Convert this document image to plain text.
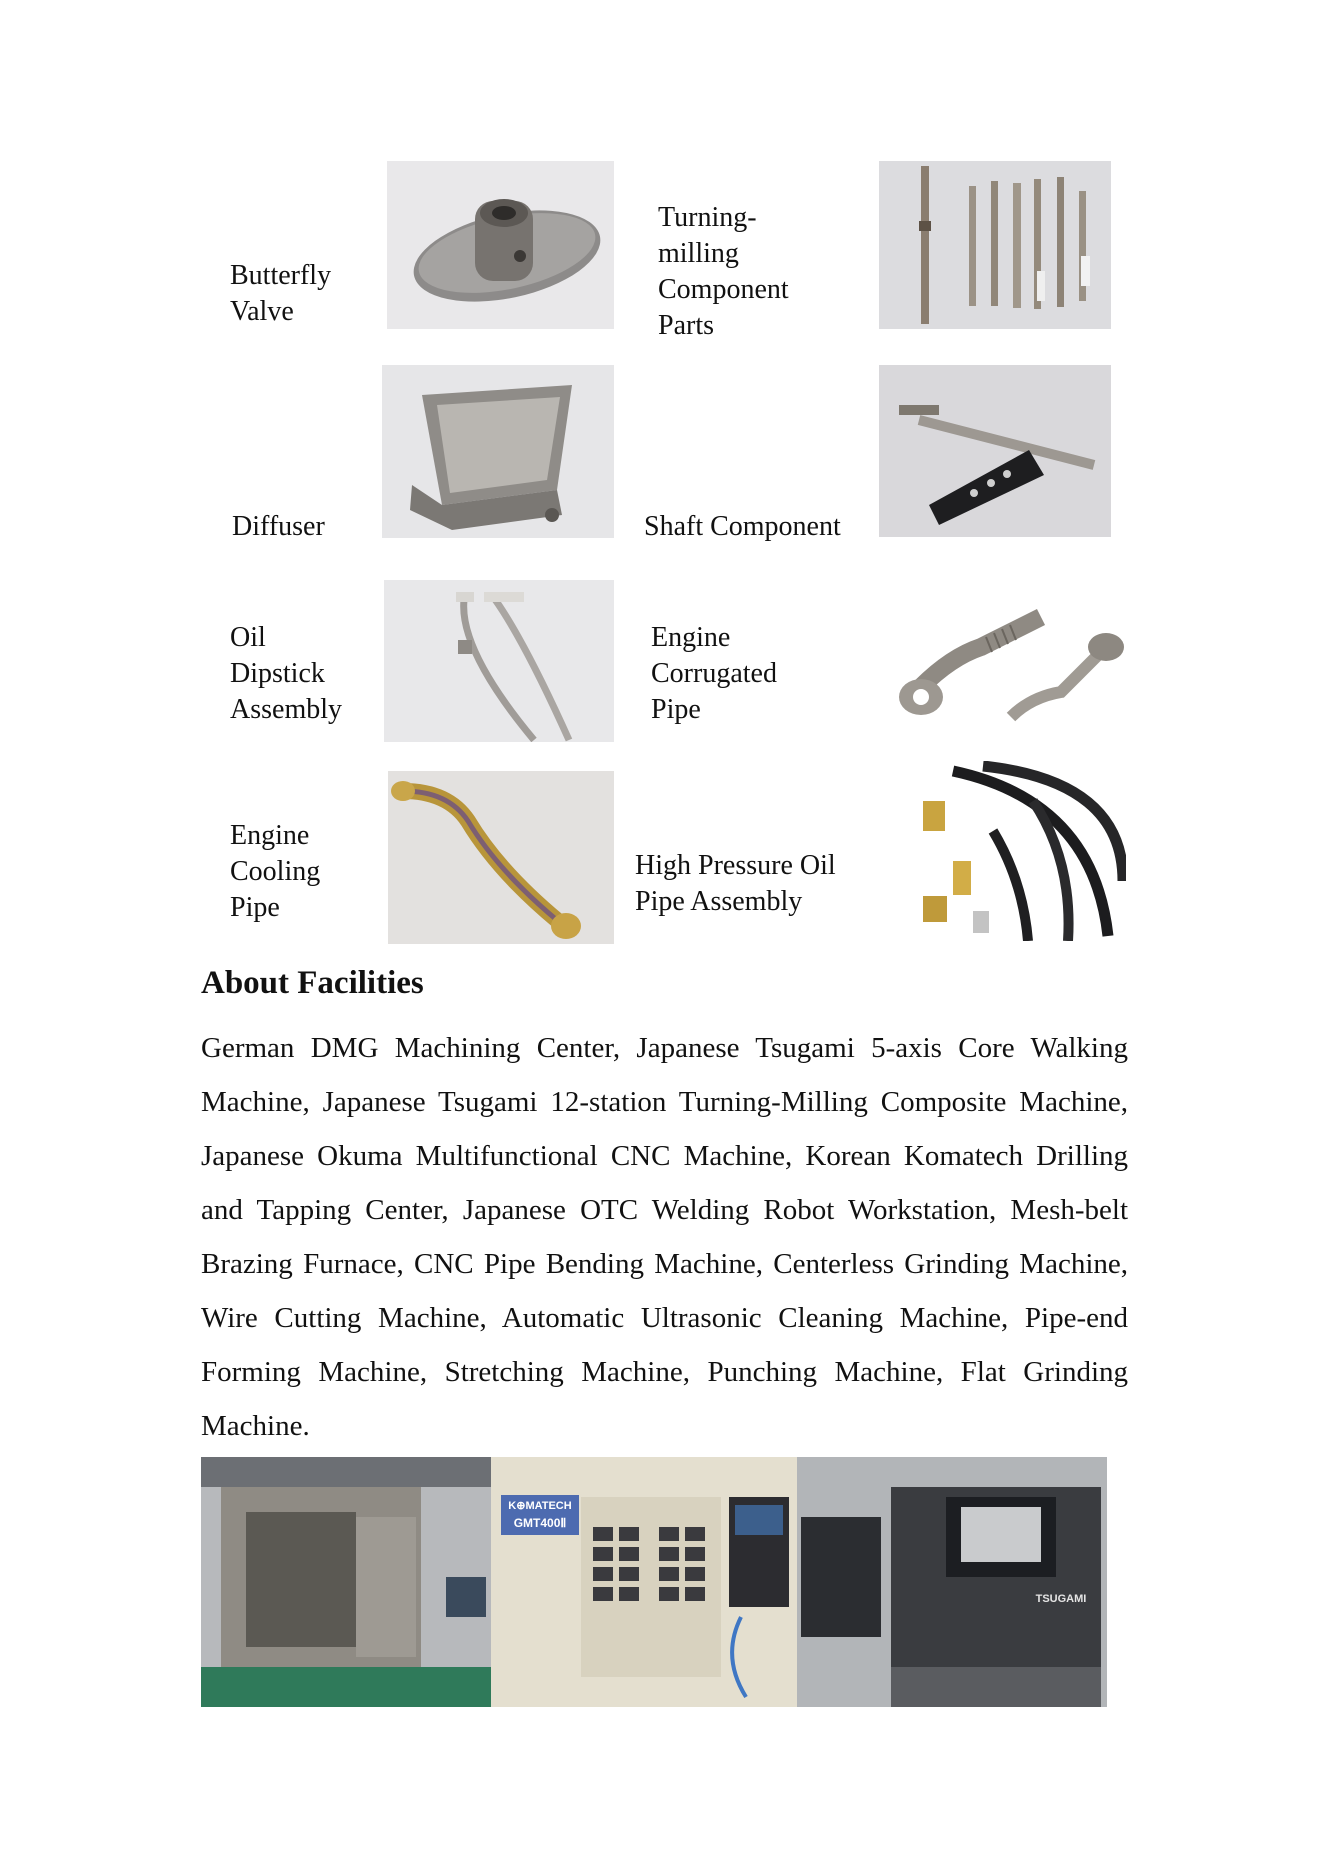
Butterfly Valve
Turning-milling Component Parts
Diffuser	Shaft Component
Oil Dipstick Assembly
Engine Corrugated Pipe
Engine Cooling Pipe
High Pressure Oil Pipe Assembly
About Facilities

German DMG Machining Center, Japanese Tsugami 5-axis Core Walking Machine, Japanese Tsugami 12-station Turning-Milling Composite Machine, Japanese Okuma Multifunctional CNC Machine, Korean Komatech Drilling and Tapping Center, Japanese OTC Welding Robot Workstation, Mesh-belt Brazing Furnace, CNC Pipe Bending Machine, Centerless Grinding Machine, Wire Cutting Machine, Automatic Ultrasonic Cleaning Machine, Pipe-end Forming Machine, Stretching Machine, Punching Machine, Flat Grinding Machine.

K⊕MATECH
GMT400Ⅱ
TSUGAMI
